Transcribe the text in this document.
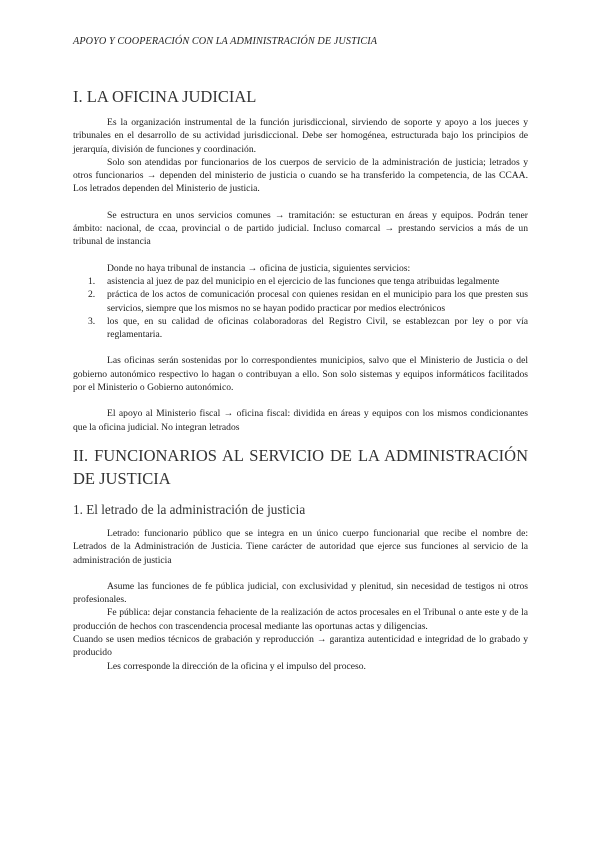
APOYO Y COOPERACIÓN CON LA ADMINISTRACIÓN DE JUSTICIA
I. LA OFICINA JUDICIAL

Es la organización instrumental de la función jurisdiccional, sirviendo de soporte y apoyo a los jueces y tribunales en el desarrollo de su actividad jurisdiccional. Debe ser homogénea, estructurada bajo los principios de jerarquía, división de funciones y coordinación.

Solo son atendidas por funcionarios de los cuerpos de servicio de la administración de justicia; letrados y otros funcionarios → dependen del ministerio de justicia o cuando se ha transferido la competencia, de las CCAA. Los letrados dependen del Ministerio de justicia.

Se estructura en unos servicios comunes → tramitación: se estucturan en áreas y equipos. Podrán tener ámbito: nacional, de ccaa, provincial o de partido judicial. Incluso comarcal → prestando servicios a más de un tribunal de instancia

Donde no haya tribunal de instancia → oficina de justicia, siguientes servicios:

1. asistencia al juez de paz del municipio en el ejercicio de las funciones que tenga atribuidas legalmente
2. práctica de los actos de comunicación procesal con quienes residan en el municipio para los que presten sus servicios, siempre que los mismos no se hayan podido practicar por medios electrónicos
3. los que, en su calidad de oficinas colaboradoras del Registro Civil, se establezcan por ley o por vía reglamentaria.

Las oficinas serán sostenidas por lo correspondientes municipios, salvo que el Ministerio de Justicia o del gobierno autonómico respectivo lo hagan o contribuyan a ello. Son solo sistemas y equipos informáticos facilitados por el Ministerio o Gobierno autonómico.

El apoyo al Ministerio fiscal → oficina fiscal: dividida en áreas y equipos con los mismos condicionantes que la oficina judicial. No integran letrados

II. FUNCIONARIOS AL SERVICIO DE LA ADMINISTRACIÓN DE JUSTICIA
1. El letrado de la administración de justicia

Letrado: funcionario público que se integra en un único cuerpo funcionarial que recibe el nombre de: Letrados de la Administración de Justicia. Tiene carácter de autoridad que ejerce sus funciones al servicio de la administración de justicia

Asume las funciones de fe pública judicial, con exclusividad y plenitud, sin necesidad de testigos ni otros profesionales.

Fe pública: dejar constancia fehaciente de la realización de actos procesales en el Tribunal o ante este y de la producción de hechos con trascendencia procesal mediante las oportunas actas y diligencias.

Cuando se usen medios técnicos de grabación y reproducción → garantiza autenticidad e integridad de lo grabado y producido

Les corresponde la dirección de la oficina y el impulso del proceso.
